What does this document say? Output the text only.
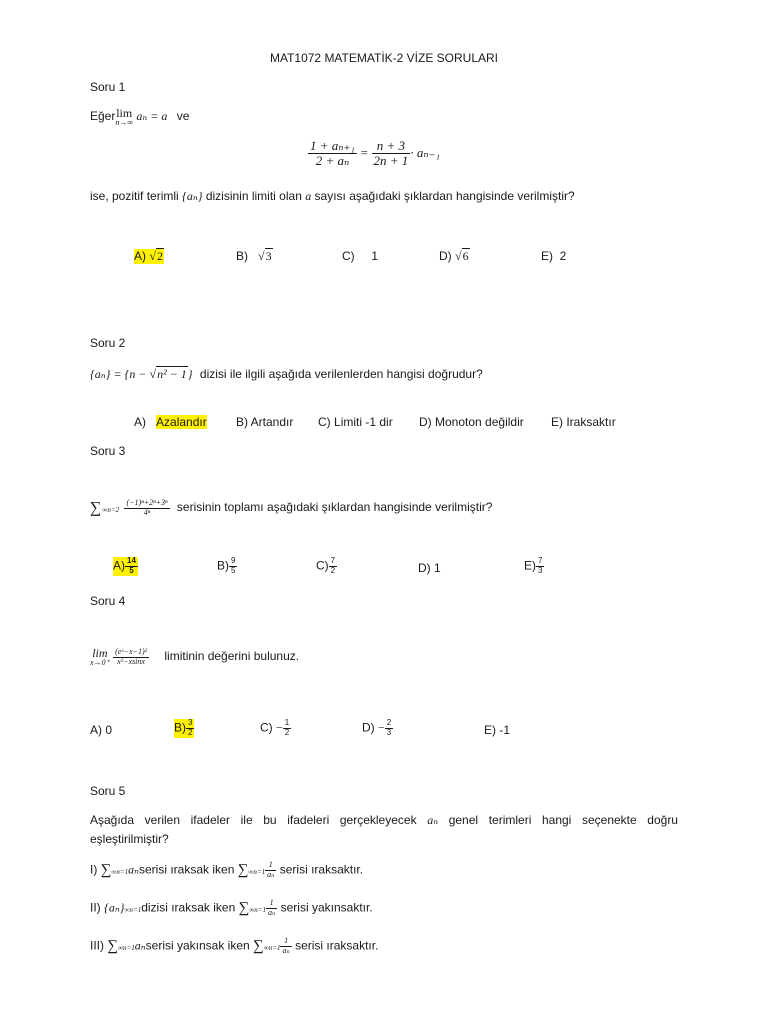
MAT1072 MATEMATİK-2 VİZE SORULARI
Soru 1
Eğer lim
n→∞ aₙ = a ve
$\frac{\text{1 + aₙ₊₁}}{\text{2 + aₙ}} = \frac{n + 3}{2n + 1} \cdot a_{n-1}$
ise, pozitif terimli {aₙ} dizisinin limiti olan a sayısı aşağıdaki şıklardan hangisinde verilmiştir?
A) √2	B) √3	C) 1	D) √6	E) 2
Soru 2
{aₙ} = {n − √n² − 1} dizisi ile ilgili aşağıda verilenlerden hangisi doğrudur?
A) Azalandır B) Artandır C) Limiti -1 dir D) Monoton değildir E) Iraksaktır
Soru 3
$\sum\infty n=2 \frac{\text{(−1)ⁿ+2ⁿ+3ⁿ}}{\text{4ⁿ}}$ serisinin toplamı aşağıdaki şıklardan hangisinde verilmiştir?
$A) \frac{14}{5}$	$B) \frac{9}{5}$	$C) \frac{7}{2}$	D) 1	$E) \frac{7}{3}$
Soru 4
lim
x→0⁺
$\frac{\text{(eˣ−x−1)²}}{\text{x²−xsinx}}$ limitinin değerini bulunuz.
A) 0	$B) \frac{3}{2}$	$C) - \frac{1}{2}$	$D) - \frac{2}{3}$	E) -1
Soru 5
Aşağıda verilen ifadeler ile bu ifadeleri gerçekleyecek aₙ genel terimleri hangi seçenekte doğru
eşleştirilmiştir?
I) ∑∞n=1aₙserisi ıraksak iken $\sum\infty n=1 \frac{1}{\text{aₙ}}$ serisi ıraksaktır.
II) {aₙ}∞n=1dizisi ıraksak iken $\sum\infty n=1 \frac{1}{\text{aₙ}}$ serisi yakınsaktır.
III) ∑∞n=1aₙserisi yakınsak iken $\sum\infty n=1 \frac{1}{\text{aₙ}}$ serisi ıraksaktır.
